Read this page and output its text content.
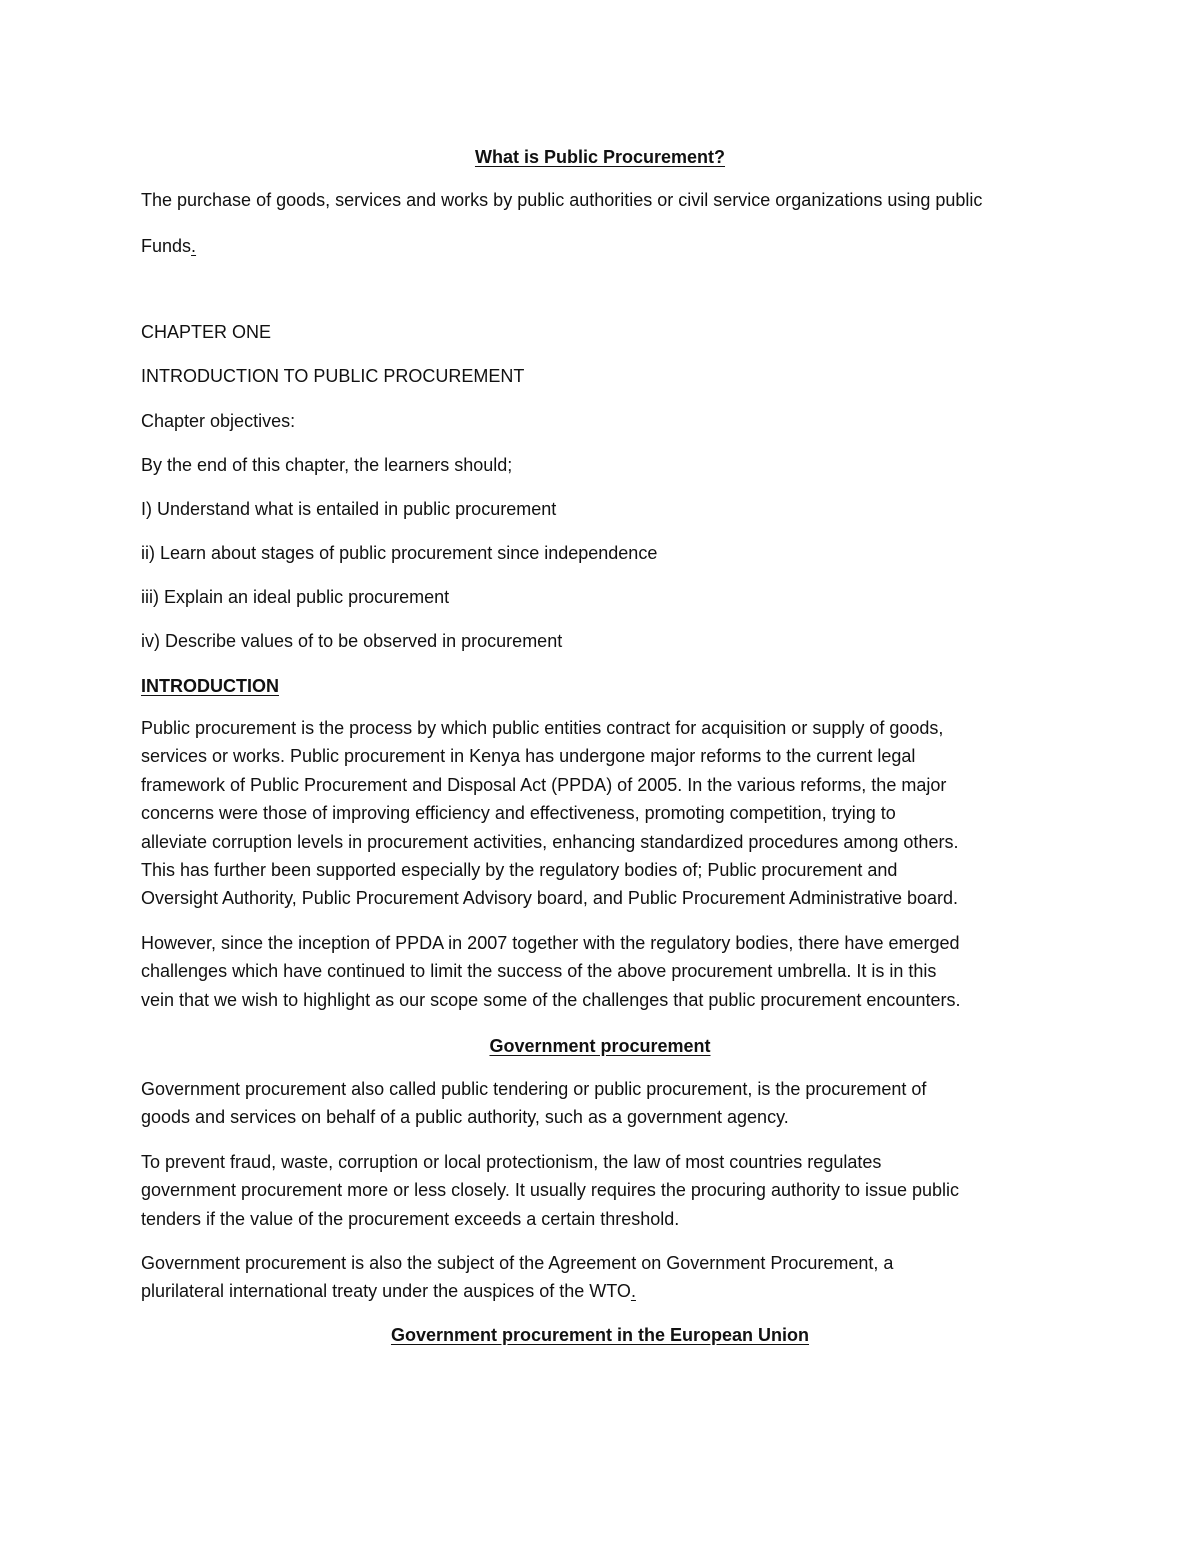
What is Public Procurement?
The purchase of goods, services and works by public authorities or civil service organizations using public
Funds.
CHAPTER ONE
INTRODUCTION TO PUBLIC PROCUREMENT
Chapter objectives:
By the end of this chapter, the learners should;
I) Understand what is entailed in public procurement
ii) Learn about stages of public procurement since independence
iii) Explain an ideal public procurement
iv) Describe values of to be observed in procurement
INTRODUCTION
Public procurement is the process by which public entities contract for acquisition or supply of goods,
services or works. Public procurement in Kenya has undergone major reforms to the current legal
framework of Public Procurement and Disposal Act (PPDA) of 2005. In the various reforms, the major
concerns were those of improving efficiency and effectiveness, promoting competition, trying to
alleviate corruption levels in procurement activities, enhancing standardized procedures among others.
This has further been supported especially by the regulatory bodies of; Public procurement and
Oversight Authority, Public Procurement Advisory board, and Public Procurement Administrative board.
However, since the inception of PPDA in 2007 together with the regulatory bodies, there have emerged
challenges which have continued to limit the success of the above procurement umbrella. It is in this
vein that we wish to highlight as our scope some of the challenges that public procurement encounters.
Government procurement
Government procurement also called public tendering or public procurement, is the procurement of
goods and services on behalf of a public authority, such as a government agency.
To prevent fraud, waste, corruption or local protectionism, the law of most countries regulates
government procurement more or less closely. It usually requires the procuring authority to issue public
tenders if the value of the procurement exceeds a certain threshold.
Government procurement is also the subject of the Agreement on Government Procurement, a
plurilateral international treaty under the auspices of the WTO.
Government procurement in the European Union
